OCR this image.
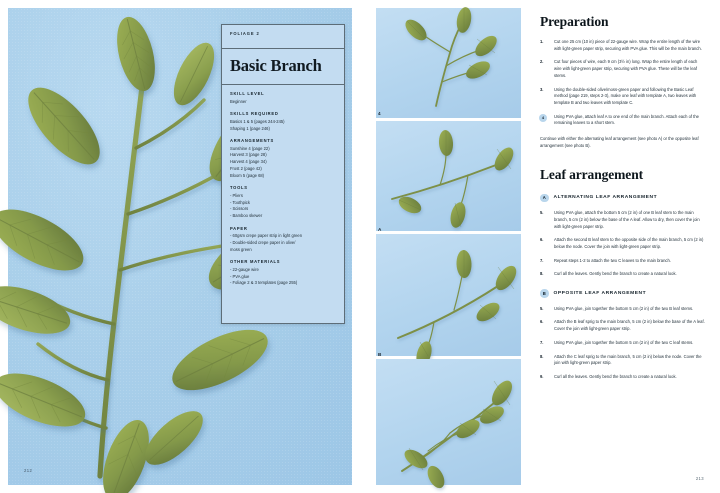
FOLIAGE 2
Basic Branch
SKILL LEVEL
Beginner
SKILLS REQUIRED
Basics 1 & 5 (pages 244-245)
Shaping 1 (page 246)
ARRANGEMENTS
Sunshine 4 (page 22)
Harvest 3 (page 28)
Harvest 4 (page 34)
Frost 2 (page 42)
Bloom 5 (page 68)
TOOLS
- Pliers
- Toothpick
- Scissors
- Bamboo skewer
PAPER
- 60gsm crepe paper strip in light green
- Double-sided crepe paper in olive/
moss green
OTHER MATERIALS
- 22-gauge wire
- PVA glue
- Foliage 2 & 3 templates (page 255)
212
4
A
B
Preparation
1.	Cut one 25 cm (10 in) piece of 22-gauge wire. Wrap the entire length of the wire with light-green paper strip, securing with PVA glue. This will be the main branch.
2.	Cut four pieces of wire, each 9 cm (3½ in) long. Wrap the entire length of each wire with light-green paper strip, securing with PVA glue. These will be the leaf stems.
3.	Using the double-sided olive/moss-green paper and following the Basic Leaf method (page 219, steps 2-3), make one leaf with template A, two leaves with template B and two leaves with template C.
4	Using PVA glue, attach leaf A to one end of the main branch. Attach each of the remaining leaves to a short stem.

Continue with either the alternating leaf arrangement (see photo A) or the opposite leaf arrangement (see photo B).

Leaf arrangement
A	ALTERNATING LEAF ARRANGEMENT
5.	Using PVA glue, attach the bottom 5 cm (2 in) of one B leaf stem to the main branch, 5 cm (2 in) below the base of the A leaf. Allow to dry, then cover the join with light-green paper strip.
6.	Attach the second B leaf stem to the opposite side of the main branch, 5 cm (2 in) below the node. Cover the join with light-green paper strip.
7.	Repeat steps 1-2 to attach the two C leaves to the main branch.
8.	Curl all the leaves. Gently bend the branch to create a natural look.
B	OPPOSITE LEAF ARRANGEMENT
5.	Using PVA glue, join together the bottom 5 cm (2 in) of the two B leaf stems.
6.	Attach the B leaf sprig to the main branch, 5 cm (2 in) below the base of the A leaf. Cover the join with light-green paper strip.
7.	Using PVA glue, join together the bottom 5 cm (2 in) of the two C leaf stems.
8.	Attach the C leaf sprig to the main branch, 5 cm (2 in) below the node. Cover the join with light-green paper strip.
9.	Curl all the leaves. Gently bend the branch to create a natural look.
213
